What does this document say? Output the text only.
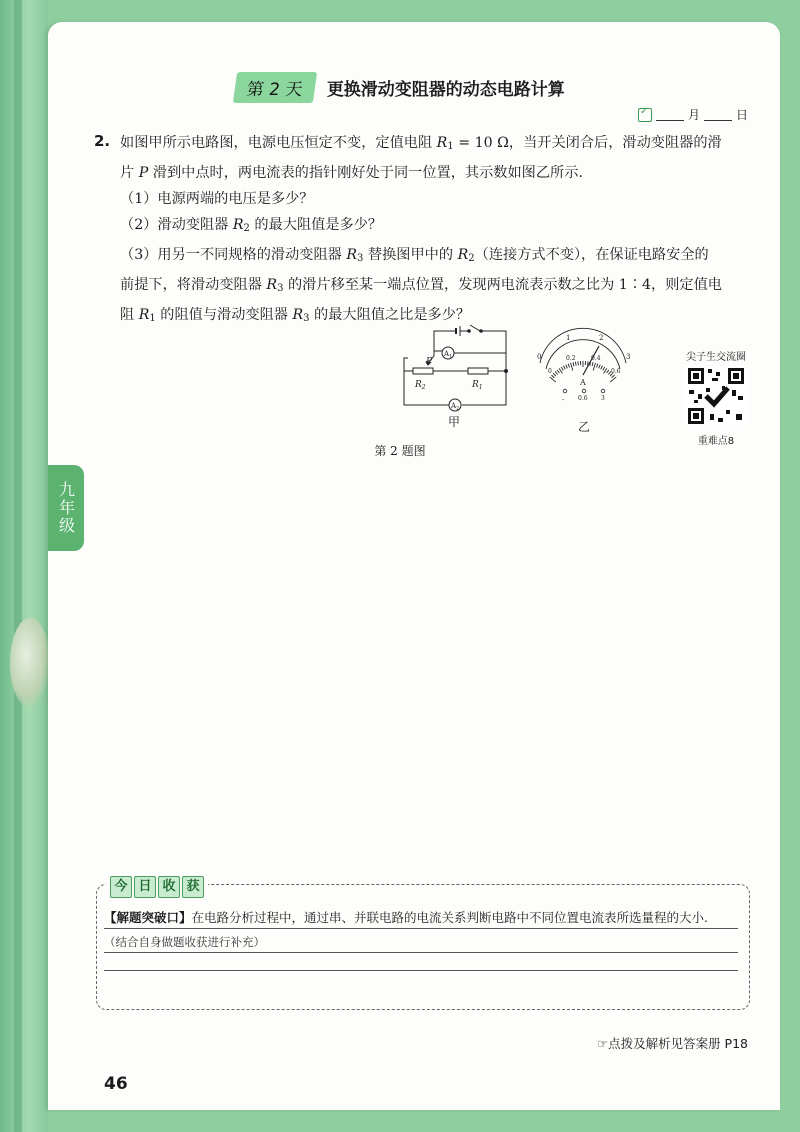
九年级
第 2 天	更换滑动变阻器的动态电路计算
✓
月	日
2. 如图甲所示电路图，电源电压恒定不变，定值电阻 $R_1 = 10$ Ω，当开关闭合后，滑动变阻器的滑
片 P 滑到中点时，两电流表的指针刚好处于同一位置，其示数如图乙所示.
（1）电源两端的电压是多少？
（2）滑动变阻器 $R_2$ 的最大阻值是多少？
（3）用另一不同规格的滑动变阻器 $R_3$ 替换图甲中的 $R_2$（连接方式不变），在保证电路安全的
前提下，将滑动变阻器 $R_3$ 的滑片移至某一端点位置，发现两电流表示数之比为 1∶4，则定值电
阻 $R_1$ 的阻值与滑动变阻器 $R_3$ 的最大阻值之比是多少？
P
$R_2$	$R_1$
$A_1$
$A_2$
甲
0
1	2
3
0
0.2	0.4
0.6
A
- 0.6 3
乙
尖子生交流圈
重难点8
第 2 题图
今 日 收 获
【解题突破口】在电路分析过程中，通过串、并联电路的电流关系判断电路中不同位置电流表所选量程的大小.
（结合自身做题收获进行补充）
☞点拨及解析见答案册 P18
46
